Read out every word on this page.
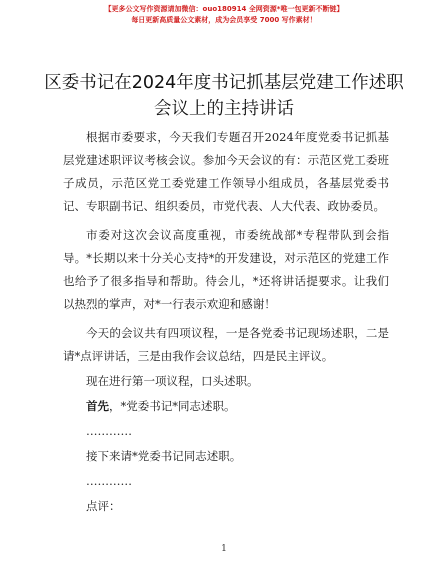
【更多公文写作资源请加微信：ouo180914 全网资源*唯一包更新不断链】
每日更新高质量公文素材，成为会员享受 7000 写作素材！
区委书记在2024年度书记抓基层党建工作述职
会议上的主持讲话

根据市委要求，今天我们专题召开2024年度党委书记抓基层党建述职评议考核会议。参加今天会议的有：示范区党工委班子成员，示范区党工委党建工作领导小组成员，各基层党委书记、专职副书记、组织委员，市党代表、人大代表、政协委员。

市委对这次会议高度重视，市委统战部*专程带队到会指导。*长期以来十分关心支持*的开发建设，对示范区的党建工作也给予了很多指导和帮助。待会儿，*还将讲话提要求。让我们以热烈的掌声，对*一行表示欢迎和感谢！

今天的会议共有四项议程，一是各党委书记现场述职，二是请*点评讲话，三是由我作会议总结，四是民主评议。

现在进行第一项议程，口头述职。

首先，*党委书记*同志述职。

…………

接下来请*党委书记同志述职。

…………

点评：

1
